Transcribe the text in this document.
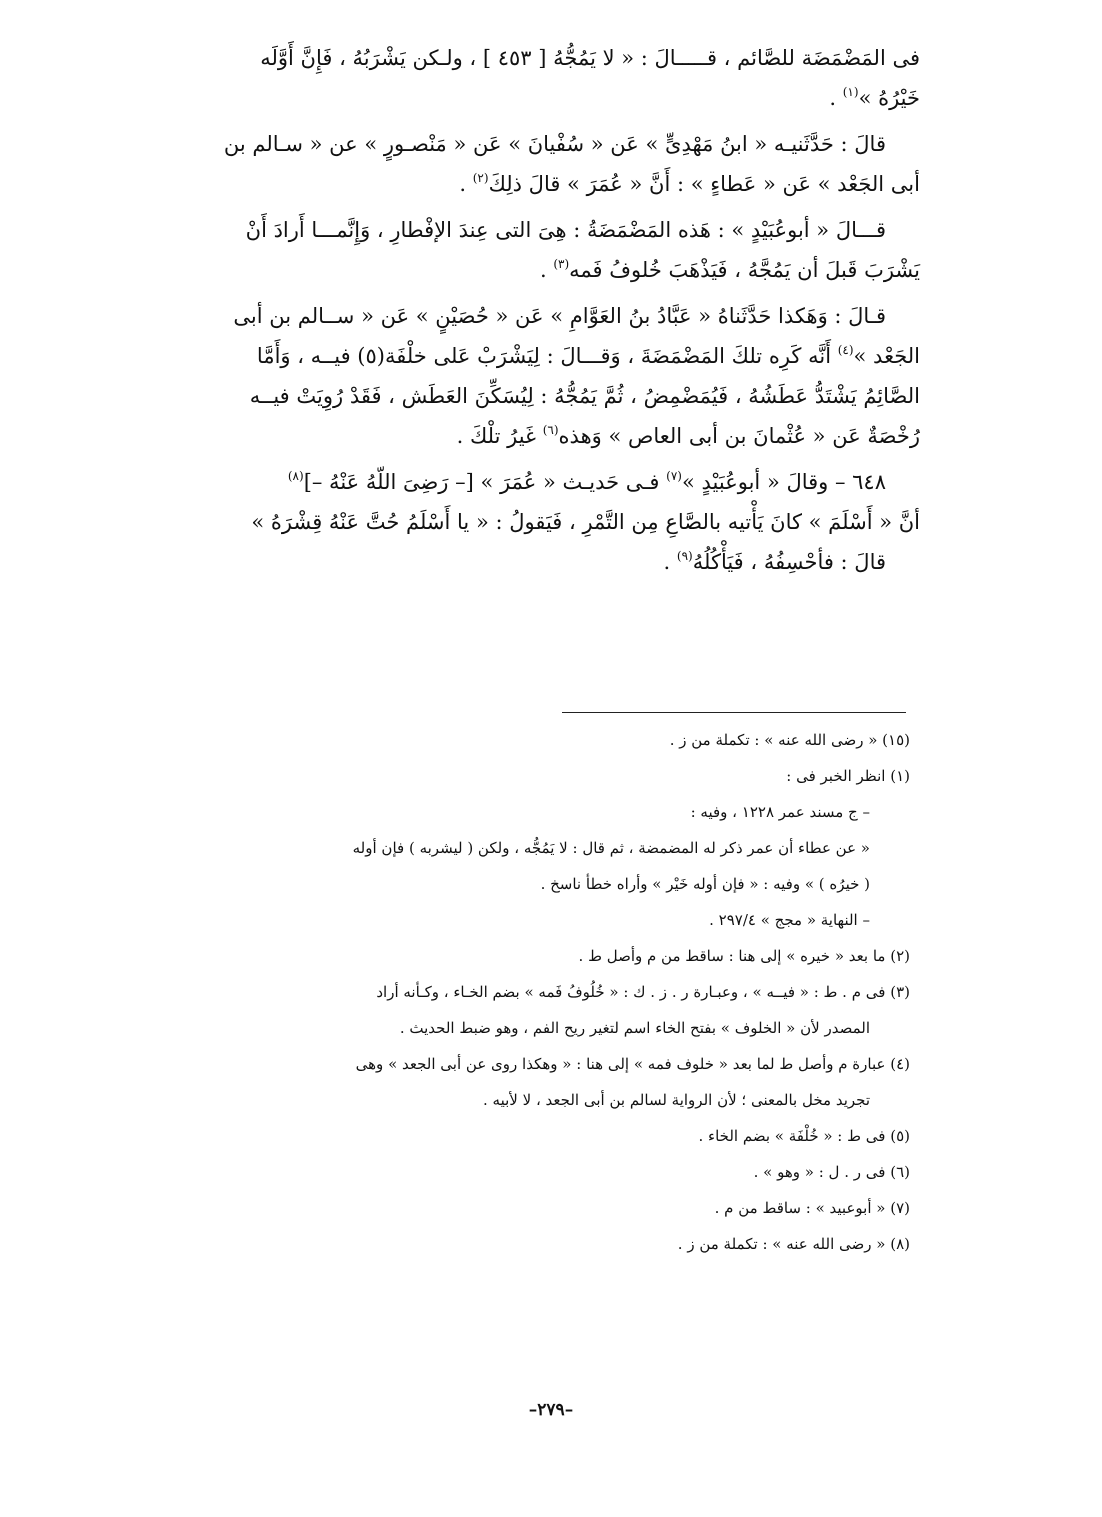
فى المَضْمَضَة للصَّائم ، قـــــالَ : « لا يَمُجُّهُ [ ٤٥٣ ] ، ولـكن يَشْرَبُهُ ، فَإِنَّ أَوَّلَه

خَيْرُهُ »$^{(١)}$ .

قالَ : حَدَّثَنيـه « ابنُ مَهْدِىٍّ » عَن « سُفْيانَ » عَن « مَنْصـورٍ » عن « سـالم بن

أبى الجَعْد » عَن « عَطاءٍ » : أَنَّ « عُمَرَ » قالَ ذلِكَ$^{(٢)}$ .

قـــالَ « أبوعُبَيْدٍ » : هَذه المَضْمَضَةُ : هِىَ التى عِندَ الإفْطارِ ، وَإِنَّمـــا أَرادَ أَنْ

يَشْرَبَ قَبلَ أن يَمُجَّهُ ، فَيَذْهَبَ خُلوفُ فَمه$^{(٣)}$ .

قـالَ : وَهَكذا حَدَّثَناهُ « عَبَّادُ بنُ العَوَّامِ » عَن « حُصَيْنٍ » عَن « ســالم بن أبى

الجَعْد »$^{(٤)}$ أَنَّه كَرِه تلكَ المَضْمَضَةَ ، وَقـــالَ : لِيَشْرَبْ عَلى خلْفَة(٥) فيــه ، وَأَمَّا

الصَّائِمُ يَشْتَدُّ عَطَشُهُ ، فَيُمَضْمِضُ ، ثُمَّ يَمُجُّهُ : لِيُسَكِّنَ العَطَش ، فَقَدْ رُوِيَتْ فيــه

رُخْصَةٌ عَن « عُثْمانَ بن أبى العاص » وَهذه$^{(٦)}$ غَيرُ تلْكَ .

٦٤٨ – وقالَ « أبوعُبَيْدٍ »$^{(٧)}$ فـى حَديـث « عُمَرَ » [– رَضِىَ اللّهُ عَنْهُ –]$^{(٨)}$

أنَّ « أَسْلَمَ » كانَ يَأْتيه بالصَّاعِ مِن التَّمْرِ ، فَيَقولُ : « يا أَسْلَمُ حُتَّ عَنْهُ قِشْرَهُ »

قالَ : فأحْسِفُهُ ، فَيَأْكُلُهُ$^{(٩)}$ .

(١٥) « رضى الله عنه » : تكملة من ز .

(١) انظر الخبر فى :

– ج مسند عمر ١٢٢٨ ، وفيه :

« عن عطاء أن عمر ذكر له المضمضة ، ثم قال : لا يَمُجُّه ، ولكن ( ليشربه ) فإن أوله

( خيرُه ) » وفيه : « فإن أوله خَيْر » وأراه خطأ ناسخ .

– النهاية « مجج » ٢٩٧/٤ .

(٢) ما بعد « خيره » إلى هنا : ساقط من م وأصل ط .

(٣) فى م . ط : « فيــه » ، وعبـارة ر . ز . ك : « خُلُوفُ فَمه » بضم الخـاء ، وكـأنه أراد

المصدر لأن « الخلوف » بفتح الخاء اسم لتغير ريح الفم ، وهو ضبط الحديث .

(٤) عبارة م وأصل ط لما بعد « خلوف فمه » إلى هنا : « وهكذا روى عن أبى الجعد » وهى

تجريد مخل بالمعنى ؛ لأن الرواية لسالم بن أبى الجعد ، لا لأبيه .

(٥) فى ط : « خُلْفَة » بضم الخاء .

(٦) فى ر . ل : « وهو » .

(٧) « أبوعبيد » : ساقط من م .

(٨) « رضى الله عنه » : تكملة من ز .

–٢٧٩–
